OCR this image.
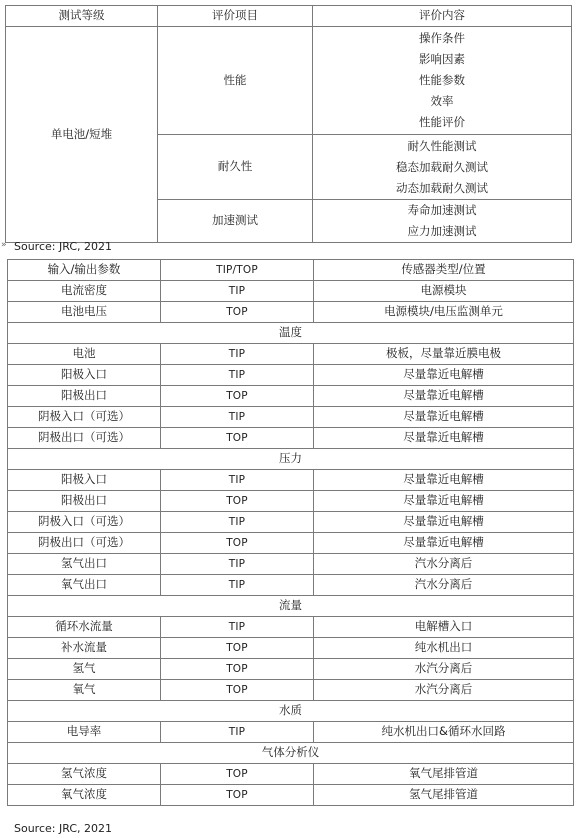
»
测试等级	评价项目	评价内容
单电池/短堆	性能	操作条件
影响因素
性能参数
效率
性能评价

	耐久性	耐久性能测试
稳态加载耐久测试
动态加载耐久测试

	加速测试	寿命加速测试
应力加速测试
Source: JRC, 2021
输入/输出参数	TIP/TOP	传感器类型/位置
电流密度	TIP	电源模块
电池电压	TOP	电源模块/电压监测单元
温度		
电池	TIP	极板，尽量靠近膜电极
阳极入口	TIP	尽量靠近电解槽
阳极出口	TOP	尽量靠近电解槽
阴极入口（可选）	TIP	尽量靠近电解槽
阴极出口（可选）	TOP	尽量靠近电解槽
压力		
阳极入口	TIP	尽量靠近电解槽
阳极出口	TOP	尽量靠近电解槽
阴极入口（可选）	TIP	尽量靠近电解槽
阴极出口（可选）	TOP	尽量靠近电解槽
氢气出口	TIP	汽水分离后
氧气出口	TIP	汽水分离后
流量		
循环水流量	TIP	电解槽入口
补水流量	TOP	纯水机出口
氢气	TOP	水汽分离后
氧气	TOP	水汽分离后
水质		
电导率	TIP	纯水机出口&循环水回路
气体分析仪		
氢气浓度	TOP	氧气尾排管道
氧气浓度	TOP	氢气尾排管道
Source: JRC, 2021
